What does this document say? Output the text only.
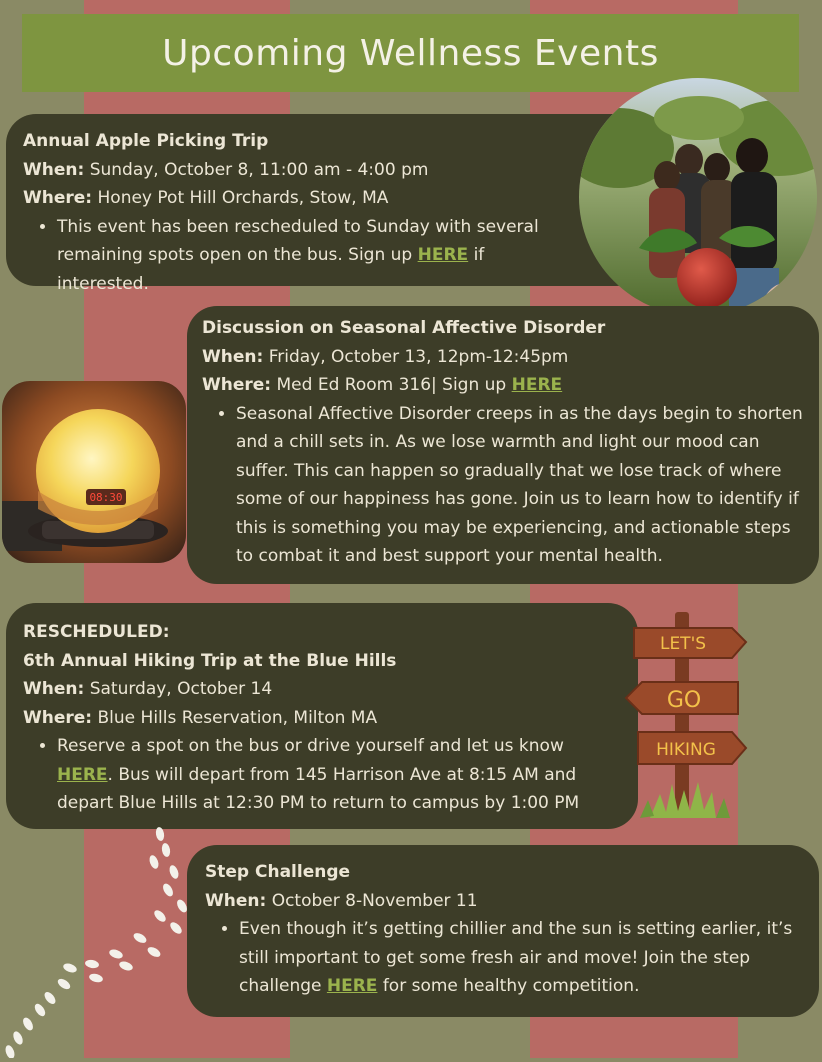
Upcoming Wellness Events
Annual Apple Picking Trip
When: Sunday, October 8, 11:00 am - 4:00 pm
Where: Honey Pot Hill Orchards, Stow, MA
• This event has been rescheduled to Sunday with several remaining spots open on the bus. Sign up HERE if interested.
Discussion on Seasonal Affective Disorder
When: Friday, October 13, 12pm-12:45pm
Where: Med Ed Room 316| Sign up HERE
• Seasonal Affective Disorder creeps in as the days begin to shorten and a chill sets in. As we lose warmth and light our mood can suffer. This can happen so gradually that we lose track of where some of our happiness has gone. Join us to learn how to identify if this is something you may be experiencing, and actionable steps to combat it and best support your mental health.
08:30
RESCHEDULED:
6th Annual Hiking Trip at the Blue Hills
When: Saturday, October 14
Where: Blue Hills Reservation, Milton MA
• Reserve a spot on the bus or drive yourself and let us know HERE. Bus will depart from 145 Harrison Ave at 8:15 AM and depart Blue Hills at 12:30 PM to return to campus by 1:00 PM
LET'S
GO
HIKING
Step Challenge
When: October 8-November 11
• Even though it’s getting chillier and the sun is setting earlier, it’s still important to get some fresh air and move! Join the step challenge HERE for some healthy competition.
